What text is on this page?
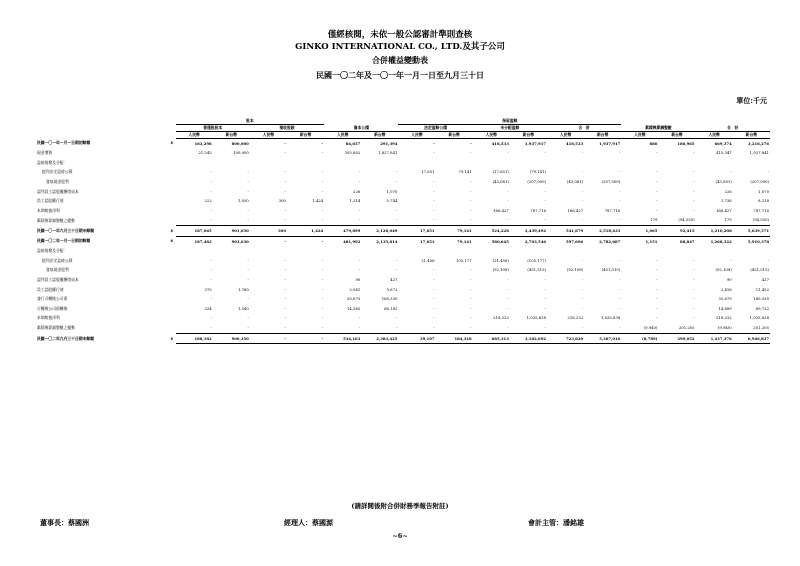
僅經核閱，未依一般公認審計準則查核
GINKO INTERNATIONAL CO., LTD.及其子公司
合併權益變動表
民國一〇二年及一〇一年一月一日至九月三十日
單位:千元
		股本						保留盈餘									
		普通股股本		預收股款		資本公積		法定盈餘公積		未分配盈餘		合　計		累積換算調整數		合　計	
		人民幣	新台幣	人民幣	新台幣	人民幣	新台幣	人民幣	新台幣	人民幣	新台幣	人民幣	新台幣	人民幣	新台幣	人民幣	新台幣
民國一〇一年一月一日期初餘額	$	163,298	800,000	-	-	84,657	291,394	-	-	418,533	1,937,917	418,533	1,937,917	886	186,965	669,374	3,216,276
現金增資		21,545	100,000	-	-	393,802	1,827,841	-	-	-	-	-	-	-	-	415,347	1,927,841
盈餘指撥及分配：																	
提列法定盈餘公積		-	-	-	-	-	-	17,651	79,141	(17,651)	(79,141)	-	-	-	-	-	-
發放現金股利		-	-	-	-	-	-	-	-	(43,081)	(207,000)	(43,081)	(207,000)	-	-	(43,081)	(207,000)
認列員工認股權酬勞成本		-	-	-	-	226	1,070	-	-	-	-	-	-	-	-	226	1,070
員工認股權行使		222	1,050	300	1,424	1,214	5,744	-	-	-	-	-	-	-	-	1,736	8,218
本期稅後淨利		-	-	-	-	-	-	-	-	166,427	787,716	166,427	787,716	-	-	166,427	787,716
累積換算調整數之變動		-	-	-	-	-	-	-	-	-	-	-	-	179	(94,550)	179	(94,550)
民國一〇一年九月三十日期末餘額	$	187,065	901,050	300	1,424	479,899	2,126,049	17,651	79,141	524,228	2,439,492	541,879	2,518,633	1,065	92,415	1,210,208	5,639,571
民國一〇二年一月一日期初餘額	$	187,483	903,030	-	-	481,992	2,135,814	17,651	79,141	580,645	2,703,546	597,696	2,782,687	1,151	88,847	1,268,322	5,910,378
盈餘指撥及分配：																	
提列法定盈餘公積		-	-	-	-	-	-	21,456	105,177	(21,456)	(105,177)	-	-	-	-	-	-
發放現金股利		-	-	-	-	-	-	-	-	(92,108)	(451,515)	(92,108)	(451,515)	-	-	(92,108)	(451,515)
認列員工認股權酬勞成本		-	-	-	-	90	427	-	-	-	-	-	-	-	-	90	427
員工認股權行使		375	1,780	-	-	2,041	9,672	-	-	-	-	-	-	-	-	2,416	11,452
發行可轉換公司債		-	-	-	-	35,675	169,330	-	-	-	-	-	-	-	-	35,675	169,330
可轉換公司債轉換		324	1,540	-	-	14,365	68,182	-	-	-	-	-	-	-	-	14,689	69,722
本期稅後淨利		-	-	-	-	-	-	-	-	218,232	1,035,838	218,232	1,035,838	-	-	218,232	1,035,838
累積換算調整數之變動		-	-	-	-	-	-	-	-	-	-	-	-	(9,940)	201,205	(9,940)	201,205
民國一〇二年九月三十日期末餘額	$	188,182	906,350	-	-	534,163	2,383,425	39,107	184,318	685,313	3,182,692	723,820	3,367,010	(8,789)	290,052	1,437,376	6,946,837
(請詳閱後附合併財務季報告附註)
董事長：蔡國洲	經理人：蔡國源	會計主管：潘銘雄
~6~
